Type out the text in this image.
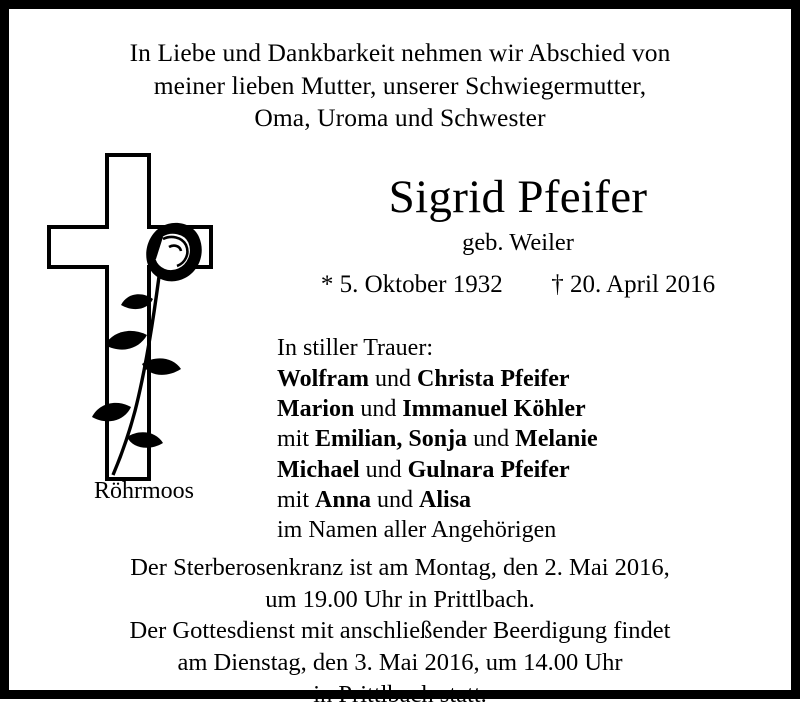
In Liebe und Dankbarkeit nehmen wir Abschied von
meiner lieben Mutter, unserer Schwiegermutter,
Oma, Uroma und Schwester
Röhrmoos
Sigrid Pfeifer
geb. Weiler
* 5. Oktober 1932 † 20. April 2016
In stiller Trauer:
Wolfram und Christa Pfeifer
Marion und Immanuel Köhler
mit Emilian, Sonja und Melanie
Michael und Gulnara Pfeifer
mit Anna und Alisa
im Namen aller Angehörigen
Der Sterberosenkranz ist am Montag, den 2. Mai 2016,
um 19.00 Uhr in Prittlbach.
Der Gottesdienst mit anschließender Beerdigung findet
am Dienstag, den 3. Mai 2016, um 14.00 Uhr
in Prittlbach statt.
